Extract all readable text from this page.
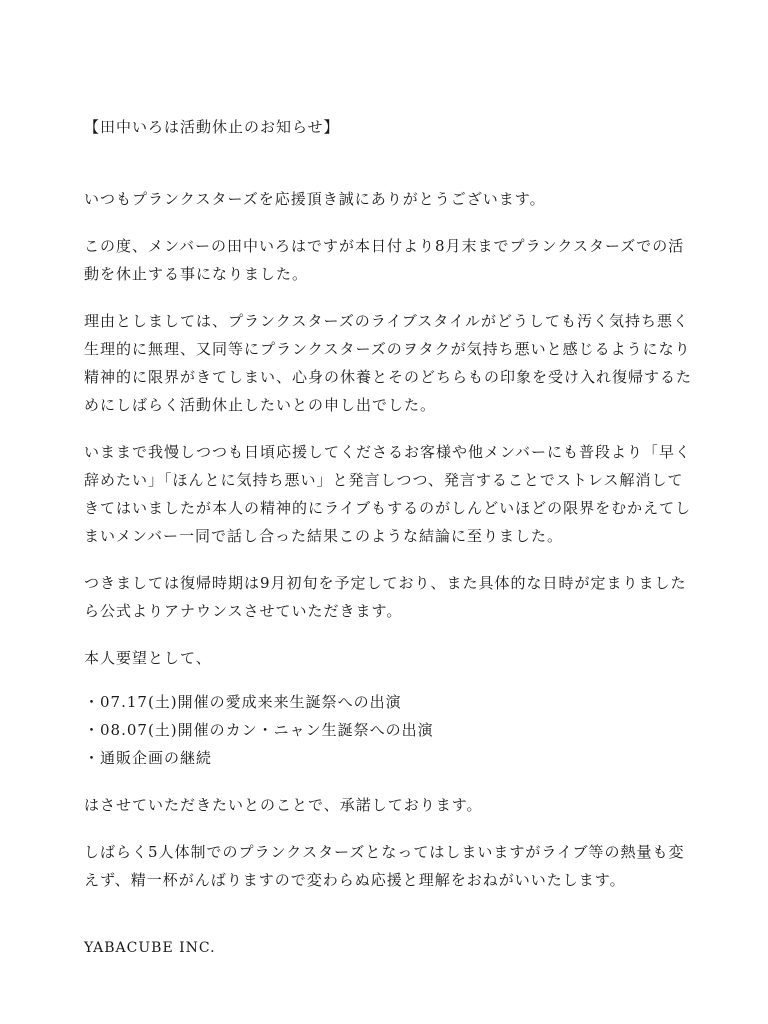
【田中いろは活動休止のお知らせ】
いつもプランクスターズを応援頂き誠にありがとうございます。
この度、メンバーの田中いろはですが本日付より8月末までプランクスターズでの活
動を休止する事になりました。
理由としましては、プランクスターズのライブスタイルがどうしても汚く気持ち悪く
生理的に無理、又同等にプランクスターズのヲタクが気持ち悪いと感じるようになり
精神的に限界がきてしまい、心身の休養とそのどちらもの印象を受け入れ復帰するた
めにしばらく活動休止したいとの申し出でした。
いままで我慢しつつも日頃応援してくださるお客様や他メンバーにも普段より「早く
辞めたい」「ほんとに気持ち悪い」と発言しつつ、発言することでストレス解消して
きてはいましたが本人の精神的にライブもするのがしんどいほどの限界をむかえてし
まいメンバー一同で話し合った結果このような結論に至りました。
つきましては復帰時期は9月初旬を予定しており、また具体的な日時が定まりました
ら公式よりアナウンスさせていただきます。
本人要望として、
・07.17(土)開催の愛成来来生誕祭への出演
・08.07(土)開催のカン・ニャン生誕祭への出演
・通販企画の継続
はさせていただきたいとのことで、承諾しております。
しばらく5人体制でのプランクスターズとなってはしまいますがライブ等の熱量も変
えず、精一杯がんばりますので変わらぬ応援と理解をおねがいいたします。
YABACUBE INC.
